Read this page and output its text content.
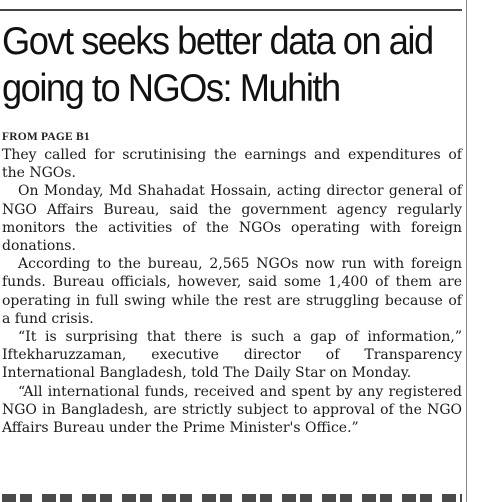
Govt seeks better data on aid
going to NGOs: Muhith
FROM PAGE B1

They called for scrutinising the earnings and expenditures of the NGOs.

On Monday, Md Shahadat Hossain, acting director general of NGO Affairs Bureau, said the government agency regularly monitors the activities of the NGOs operating with foreign donations.

According to the bureau, 2,565 NGOs now run with foreign funds. Bureau officials, however, said some 1,400 of them are operating in full swing while the rest are struggling because of a fund crisis.

“It is surprising that there is such a gap of information,” Iftekharuzzaman, executive director of Transparency International Bangladesh, told The Daily Star on Monday.

“All international funds, received and spent by any registered NGO in Bangladesh, are strictly subject to approval of the NGO Affairs Bureau under the Prime Minister's Office.”
